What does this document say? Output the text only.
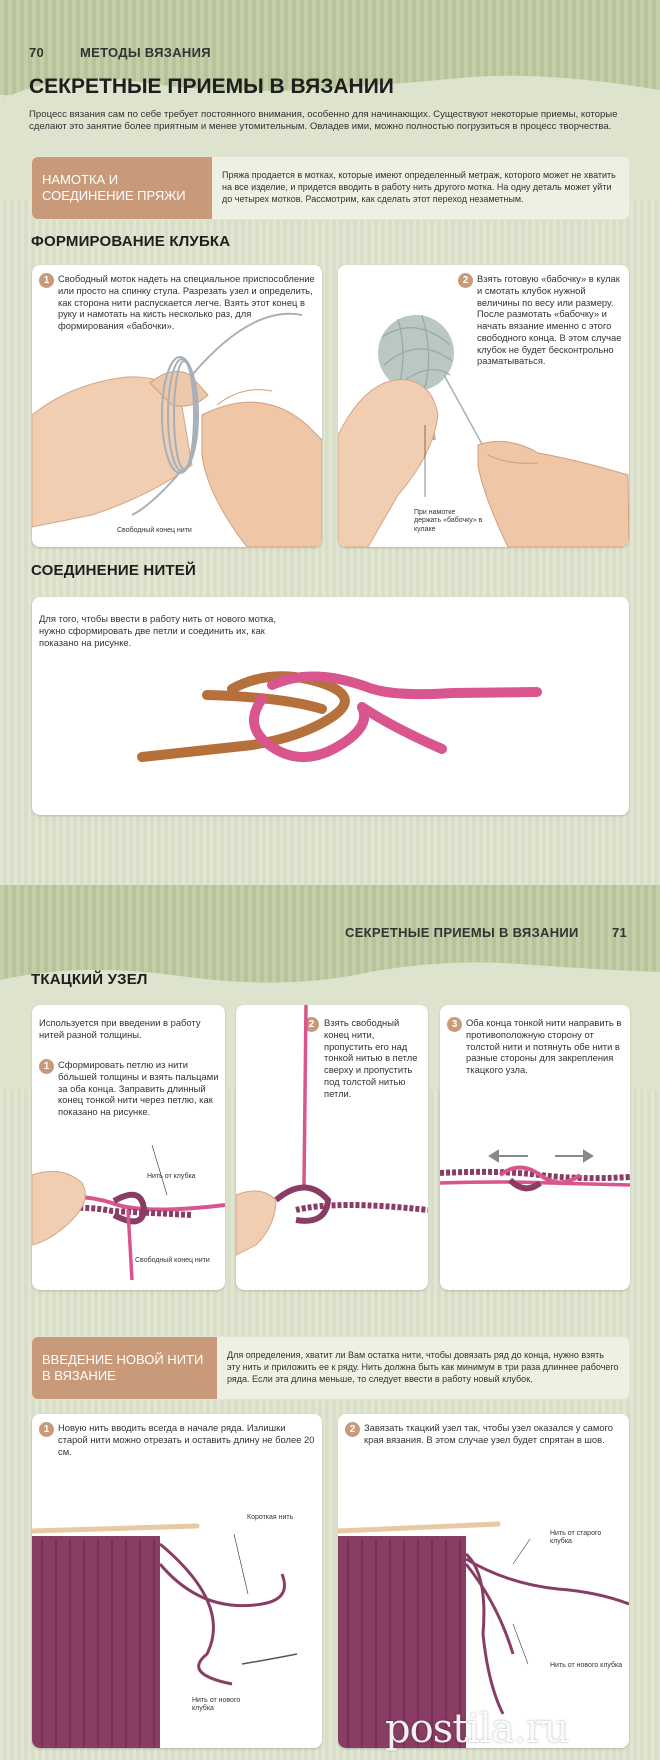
70	МЕТОДЫ ВЯЗАНИЯ
СЕКРЕТНЫЕ ПРИЕМЫ В ВЯЗАНИИ
Процесс вязания сам по себе требует постоянного внимания, особенно для начинающих. Существуют некоторые приемы, которые сделают это занятие более приятным и менее утомительным. Овладев ими, можно полностью погрузиться в процесс творчества.
НАМОТКА И СОЕДИНЕНИЕ ПРЯЖИ
Пряжа продается в мотках, которые имеют определенный метраж, которого может не хватить на все изделие, и придется вводить в работу нить другого мотка. На одну деталь может уйти до четырех мотков. Рассмотрим, как сделать этот переход незаметным.
ФОРМИРОВАНИЕ КЛУБКА
1 Свободный моток надеть на специальное приспособление или просто на спинку стула. Разрезать узел и определить, как сторона нити распускается легче. Взять этот конец в руку и намотать на кисть несколько раз, для формирования «бабочки».
Свободный конец нити
2 Взять готовую «бабочку» в кулак и смотать клубок нужной величины по весу или размеру. После размотать «бабочку» и начать вязание именно с этого свободного конца. В этом случае клубок не будет бесконтрольно разматываться.
При намотке держать «бабочку» в кулаке
СОЕДИНЕНИЕ НИТЕЙ
Для того, чтобы ввести в работу нить от нового мотка, нужно сформировать две петли и соединить их, как показано на рисунке.
СЕКРЕТНЫЕ ПРИЕМЫ В ВЯЗАНИИ	71
ТКАЦКИЙ УЗЕЛ
Используется при введении в работу нитей разной толщины.
1 Сформировать петлю из нити бóльшей толщины и взять пальцами за оба конца. Заправить длинный конец тонкой нити через петлю, как показано на рисунке.
Нить от клубка
Свободный конец нити
2	Взять свободный конец нити, пропустить его над тонкой нитью в петле сверху и пропустить под толстой нитью петли.
3 Оба конца тонкой нити направить в противоположную сторону от толстой нити и потянуть обе нити в разные стороны для закрепления ткацкого узла.
ВВЕДЕНИЕ НОВОЙ НИТИ В ВЯЗАНИЕ
Для определения, хватит ли Вам остатка нити, чтобы довязать ряд до конца, нужно взять эту нить и приложить ее к ряду. Нить должна быть как минимум в три раза длиннее рабочего ряда. Если эта длина меньше, то следует ввести в работу новый клубок.
1 Новую нить вводить всегда в начале ряда. Излишки старой нити можно отрезать и оставить длину не более 20 см.
Короткая нить
Нить от нового клубка
2 Завязать ткацкий узел так, чтобы узел оказался у самого края вязания. В этом случае узел будет спрятан в шов.
Нить от старого клубка
Нить от нового клубка
postila.ru
